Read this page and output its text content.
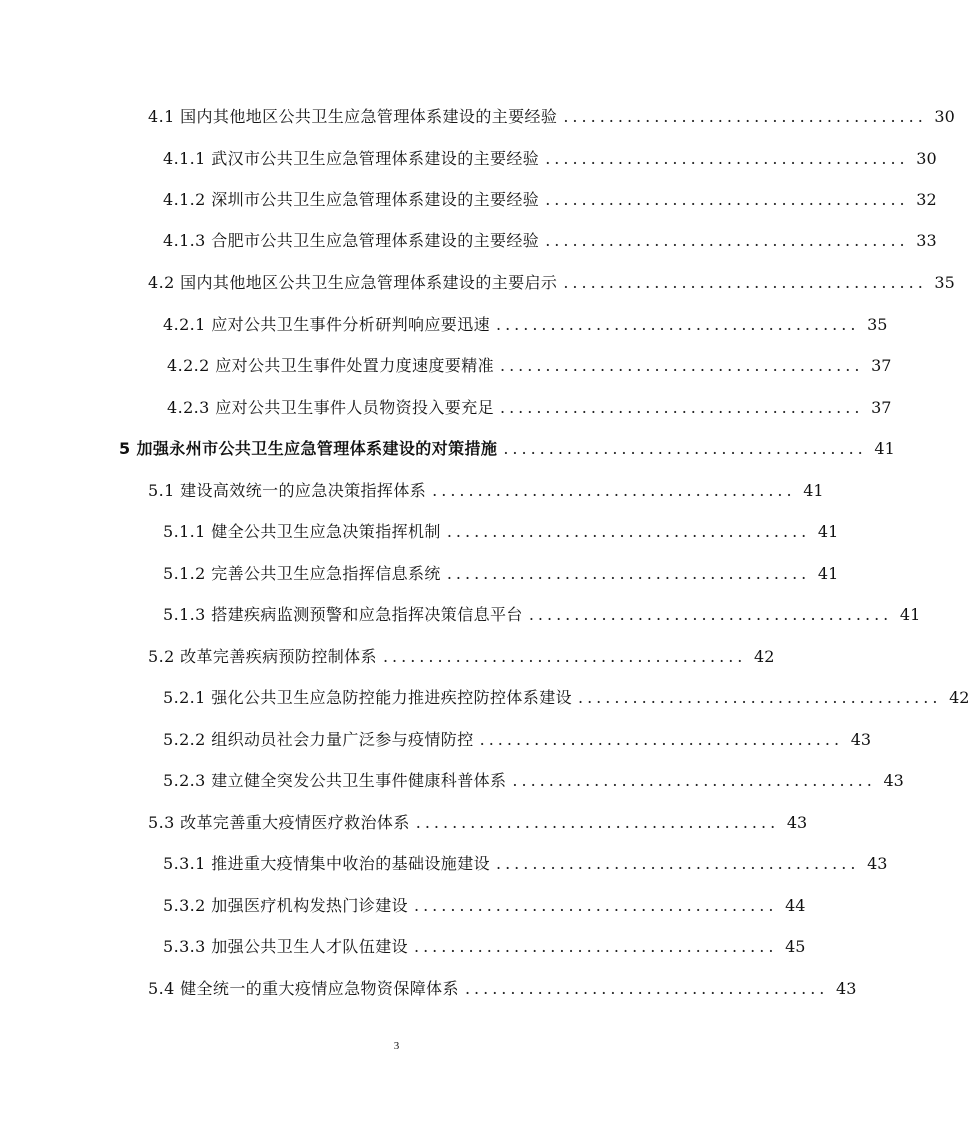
4.1 国内其他地区公共卫生应急管理体系建设的主要经验 ........................................ 30
4.1.1 武汉市公共卫生应急管理体系建设的主要经验 ........................................ 30
4.1.2 深圳市公共卫生应急管理体系建设的主要经验 ........................................ 32
4.1.3 合肥市公共卫生应急管理体系建设的主要经验 ........................................ 33
4.2 国内其他地区公共卫生应急管理体系建设的主要启示 ........................................ 35
4.2.1 应对公共卫生事件分析研判响应要迅速 ........................................ 35
4.2.2 应对公共卫生事件处置力度速度要精准 ........................................ 37
4.2.3 应对公共卫生事件人员物资投入要充足 ........................................ 37
5 加强永州市公共卫生应急管理体系建设的对策措施 ........................................ 41
5.1 建设高效统一的应急决策指挥体系 ........................................ 41
5.1.1 健全公共卫生应急决策指挥机制 ........................................ 41
5.1.2 完善公共卫生应急指挥信息系统 ........................................ 41
5.1.3 搭建疾病监测预警和应急指挥决策信息平台 ........................................ 41
5.2 改革完善疾病预防控制体系 ........................................ 42
5.2.1 强化公共卫生应急防控能力推进疾控防控体系建设 ........................................ 42
5.2.2 组织动员社会力量广泛参与疫情防控 ........................................ 43
5.2.3 建立健全突发公共卫生事件健康科普体系 ........................................ 43
5.3 改革完善重大疫情医疗救治体系 ........................................ 43
5.3.1 推进重大疫情集中收治的基础设施建设 ........................................ 43
5.3.2 加强医疗机构发热门诊建设 ........................................ 44
5.3.3 加强公共卫生人才队伍建设 ........................................ 45
5.4 健全统一的重大疫情应急物资保障体系 ........................................ 43
3
